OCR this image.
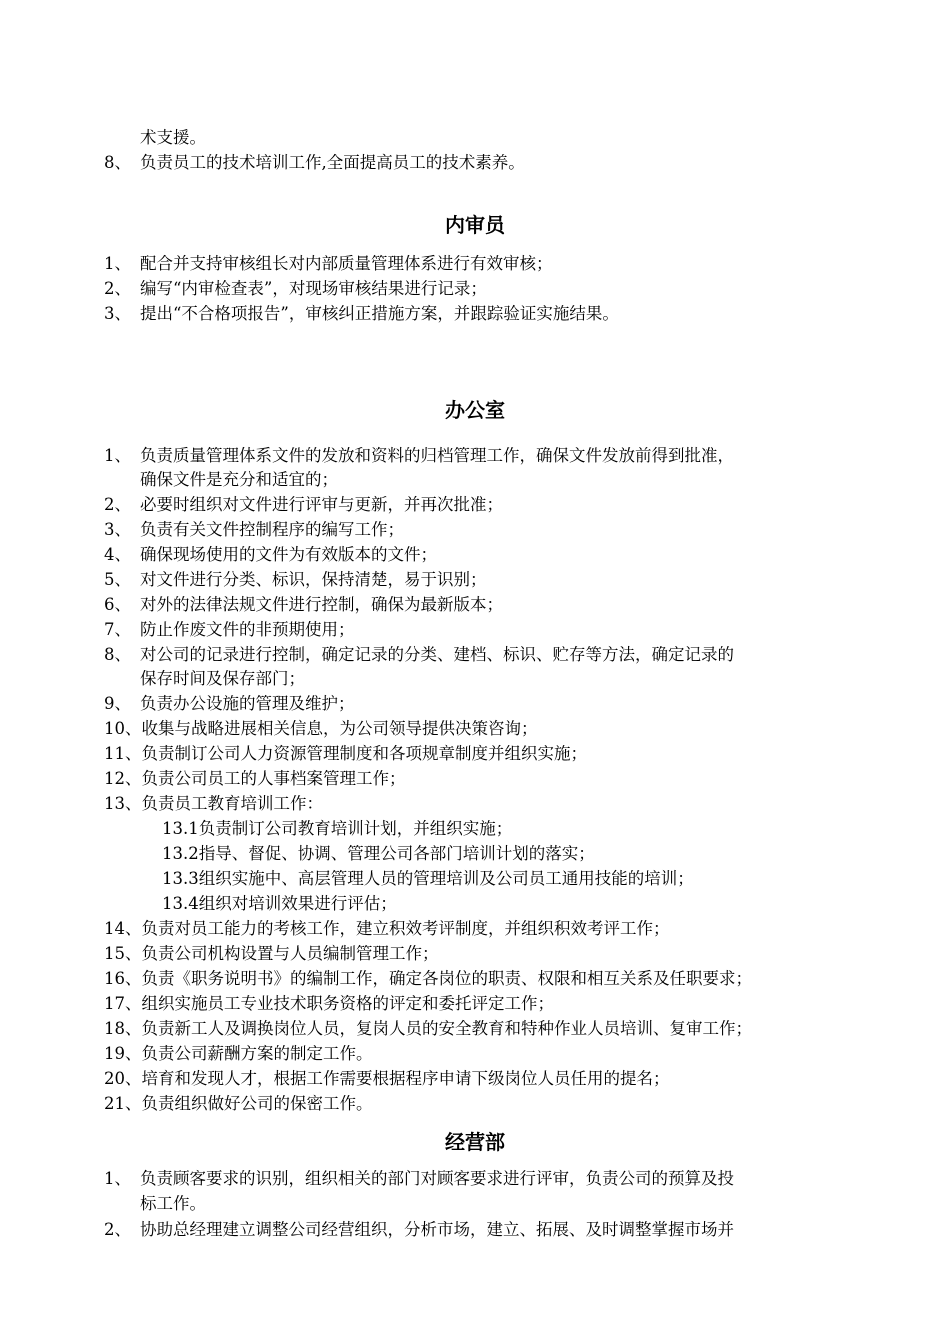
术支援。
8、 负责员工的技术培训工作,全面提高员工的技术素养。
内审员
1、 配合并支持审核组长对内部质量管理体系进行有效审核；
2、 编写“内审检查表”，对现场审核结果进行记录；
3、 提出“不合格项报告”，审核纠正措施方案，并跟踪验证实施结果。
办公室
1、 负责质量管理体系文件的发放和资料的归档管理工作，确保文件发放前得到批准，
确保文件是充分和适宜的；
2、 必要时组织对文件进行评审与更新，并再次批准；
3、 负责有关文件控制程序的编写工作；
4、 确保现场使用的文件为有效版本的文件；
5、 对文件进行分类、标识，保持清楚，易于识别；
6、 对外的法律法规文件进行控制，确保为最新版本；
7、 防止作废文件的非预期使用；
8、 对公司的记录进行控制，确定记录的分类、建档、标识、贮存等方法，确定记录的
保存时间及保存部门；
9、 负责办公设施的管理及维护；
10、收集与战略进展相关信息，为公司领导提供决策咨询；
11、负责制订公司人力资源管理制度和各项规章制度并组织实施；
12、负责公司员工的人事档案管理工作；
13、负责员工教育培训工作：
13.1负责制订公司教育培训计划，并组织实施；
13.2指导、督促、协调、管理公司各部门培训计划的落实；
13.3组织实施中、高层管理人员的管理培训及公司员工通用技能的培训；
13.4组织对培训效果进行评估；
14、负责对员工能力的考核工作，建立积效考评制度，并组织积效考评工作；
15、负责公司机构设置与人员编制管理工作；
16、负责《职务说明书》的编制工作，确定各岗位的职责、权限和相互关系及任职要求；
17、组织实施员工专业技术职务资格的评定和委托评定工作；
18、负责新工人及调换岗位人员，复岗人员的安全教育和特种作业人员培训、复审工作；
19、负责公司薪酬方案的制定工作。
20、培育和发现人才，根据工作需要根据程序申请下级岗位人员任用的提名；
21、负责组织做好公司的保密工作。
经营部
1、 负责顾客要求的识别，组织相关的部门对顾客要求进行评审，负责公司的预算及投
标工作。
2、 协助总经理建立调整公司经营组织，分析市场，建立、拓展、及时调整掌握市场并
